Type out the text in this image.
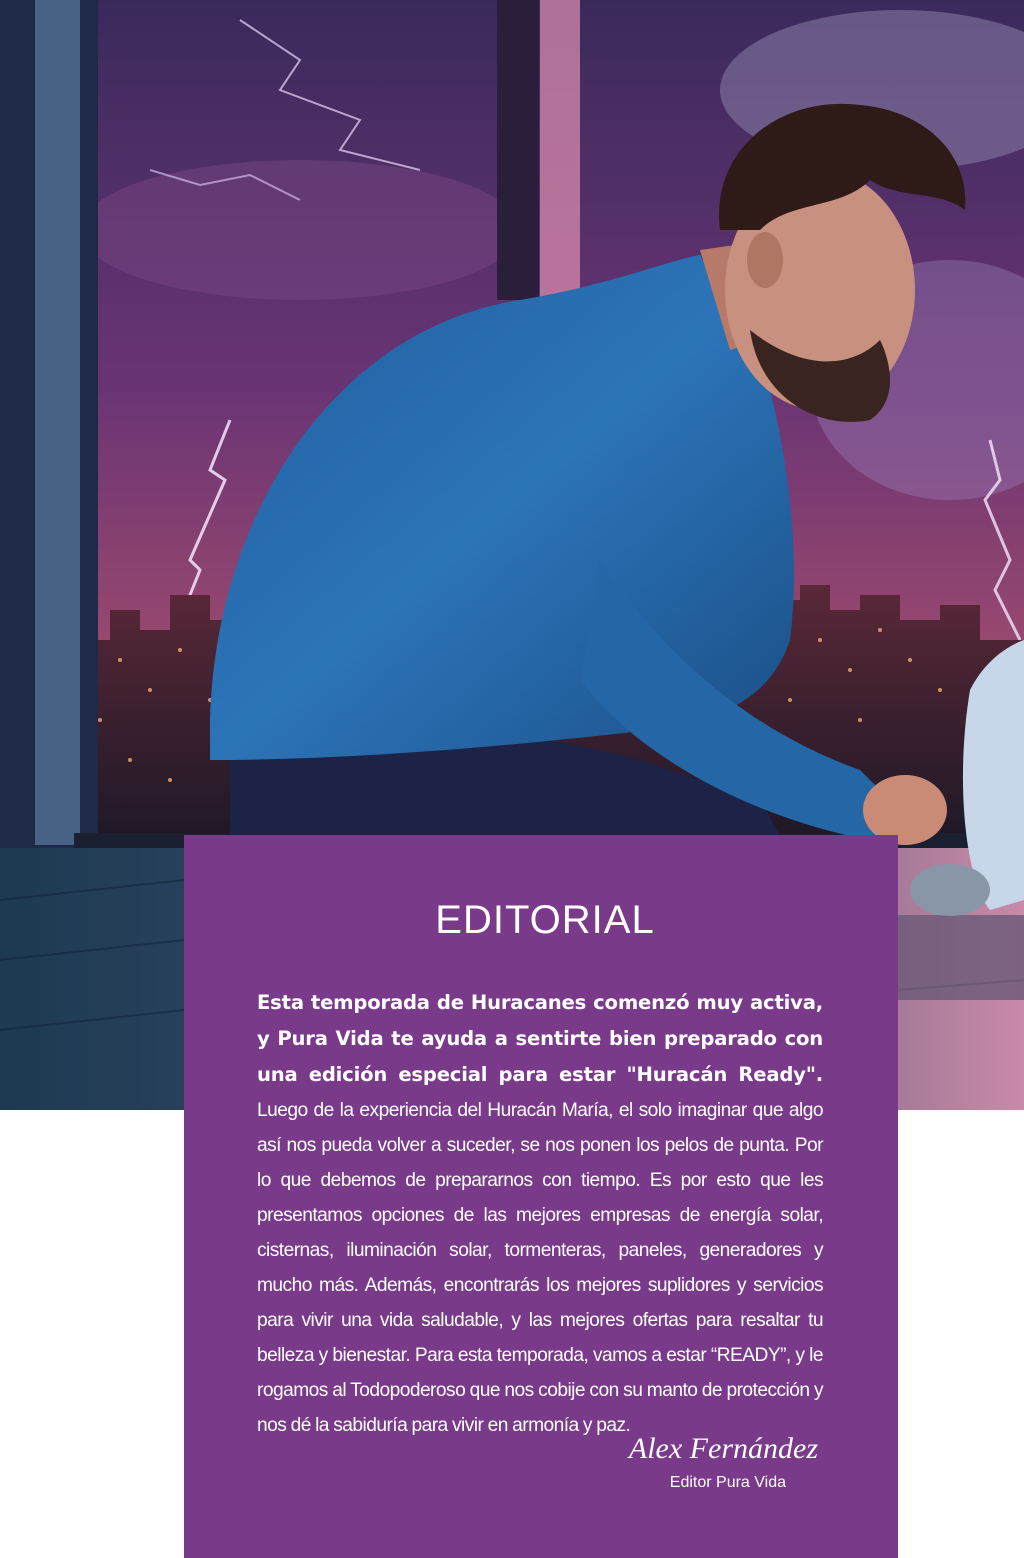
EDITORIAL

Esta temporada de Huracanes comenzó muy activa, y Pura Vida te ayuda a sentirte bien preparado con una edición especial para estar "Huracán Ready". Luego de la experiencia del Huracán María, el solo imaginar que algo así nos pueda volver a suceder, se nos ponen los pelos de punta. Por lo que debemos de prepararnos con tiempo. Es por esto que les presentamos opciones de las mejores empresas de energía solar, cisternas, iluminación solar, tormenteras, paneles, generadores y mucho más. Además, encontrarás los mejores suplidores y servicios para vivir una vida saludable, y las mejores ofertas para resaltar tu belleza y bienestar. Para esta temporada, vamos a estar “READY”, y le rogamos al Todopoderoso que nos cobije con su manto de protección y nos dé la sabiduría para vivir en armonía y paz.

Alex Fernández

Editor Pura Vida
